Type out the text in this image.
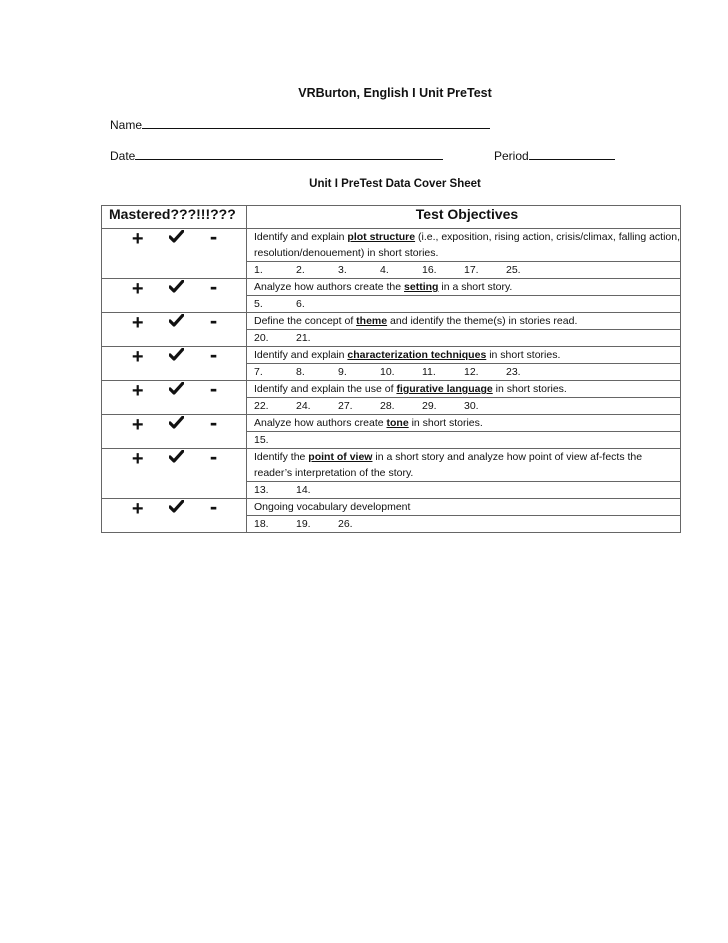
VRBurton, English I Unit PreTest
Name
Date	Period
Unit I PreTest Data Cover Sheet
Mastered???!!!???	Test Objectives

+ -	Identify and explain plot structure (i.e., exposition, rising action, crisis/climax, falling action, resolution/denouement) in short stories.
	1. 2. 3. 4. 16. 17. 25.

+ -	Analyze how authors create the setting in a short story.
	5. 6.

+ -	Define the concept of theme and identify the theme(s) in stories read.
	20. 21.

+ -	Identify and explain characterization techniques in short stories.
	7. 8. 9. 10. 11. 12. 23.

+ -	Identify and explain the use of figurative language in short stories.
	22. 24. 27. 28. 29. 30.

+ -	Analyze how authors create tone in short stories.
	15.

+ -	Identify the point of view in a short story and analyze how point of view af-fects the reader’s interpretation of the story.
	13. 14.

+ -	Ongoing vocabulary development
	18. 19. 26.
